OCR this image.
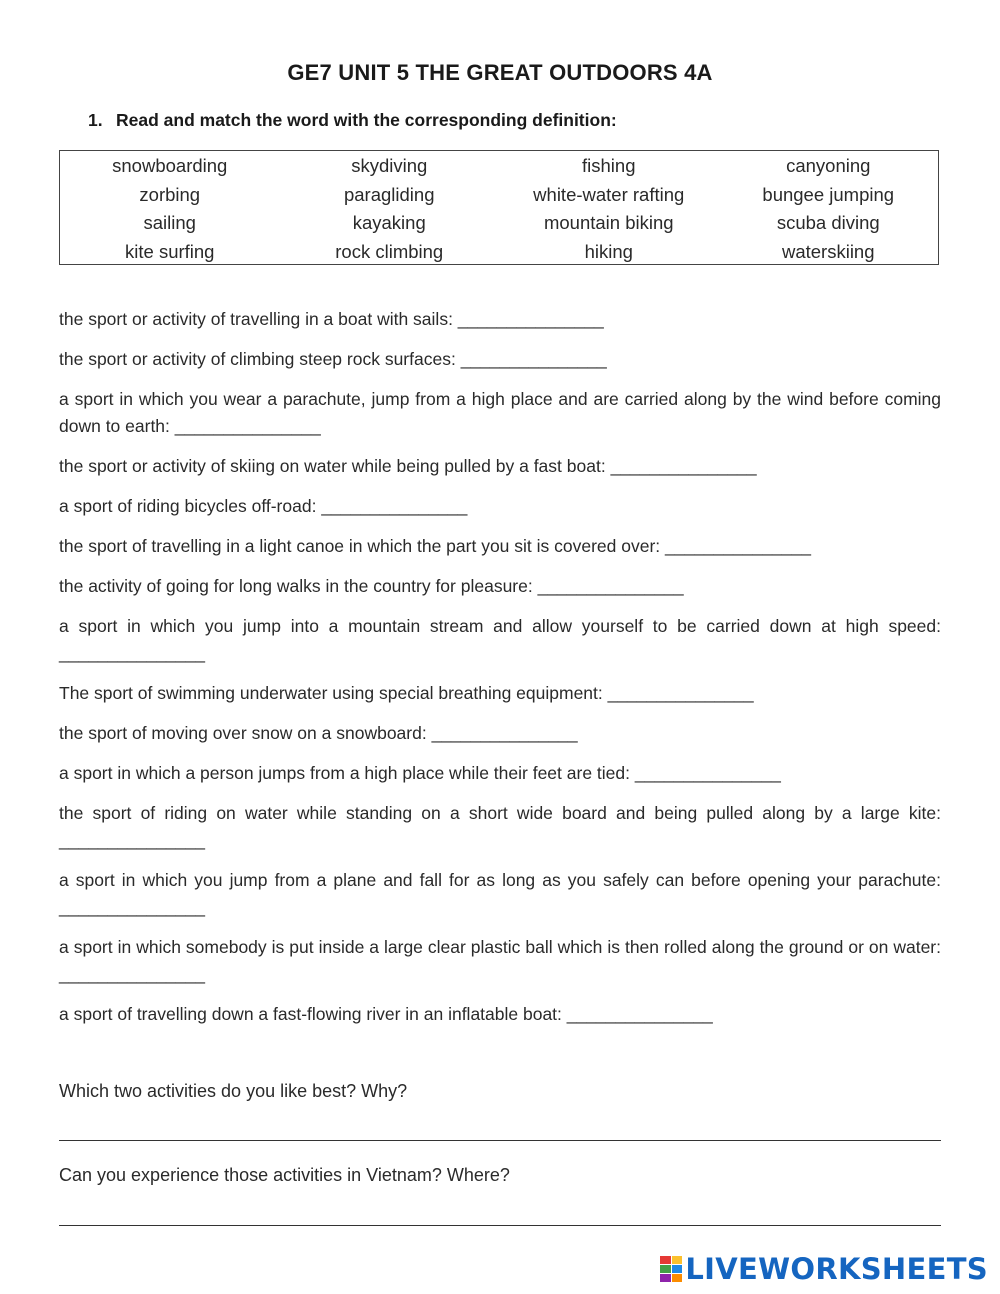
GE7 UNIT 5 THE GREAT OUTDOORS 4A
1. Read and match the word with the corresponding definition:
snowboarding	skydiving	fishing	canyoning
zorbing	paragliding	white-water rafting	bungee jumping
sailing	kayaking	mountain biking	scuba diving
kite surfing	rock climbing	hiking	waterskiing
the sport or activity of travelling in a boat with sails: _______________
the sport or activity of climbing steep rock surfaces: _______________
a sport in which you wear a parachute, jump from a high place and are carried along by the wind before coming down to earth: _______________
the sport or activity of skiing on water while being pulled by a fast boat: _______________
a sport of riding bicycles off-road: _______________
the sport of travelling in a light canoe in which the part you sit is covered over: _______________
the activity of going for long walks in the country for pleasure: _______________
a sport in which you jump into a mountain stream and allow yourself to be carried down at high speed: _______________
The sport of swimming underwater using special breathing equipment: _______________
the sport of moving over snow on a snowboard: _______________
a sport in which a person jumps from a high place while their feet are tied: _______________
the sport of riding on water while standing on a short wide board and being pulled along by a large kite: _______________
a sport in which you jump from a plane and fall for as long as you safely can before opening your parachute: _______________
a sport in which somebody is put inside a large clear plastic ball which is then rolled along the ground or on water: _______________
a sport of travelling down a fast-flowing river in an inflatable boat: _______________
Which two activities do you like best? Why?
Can you experience those activities in Vietnam? Where?
LIVEWORKSHEETS
